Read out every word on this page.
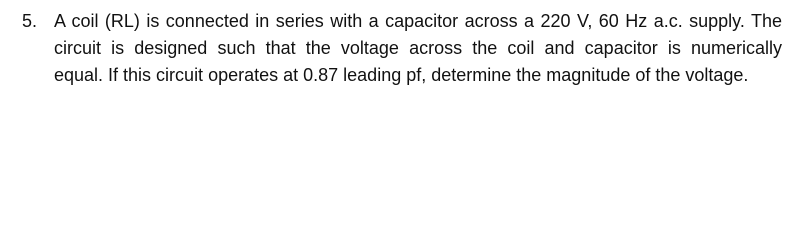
5. A coil (RL) is connected in series with a capacitor across a 220 V, 60 Hz a.c. supply. The
circuit is designed such that the voltage across the coil and capacitor is numerically
equal. If this circuit operates at 0.87 leading pf, determine the magnitude of the voltage.
